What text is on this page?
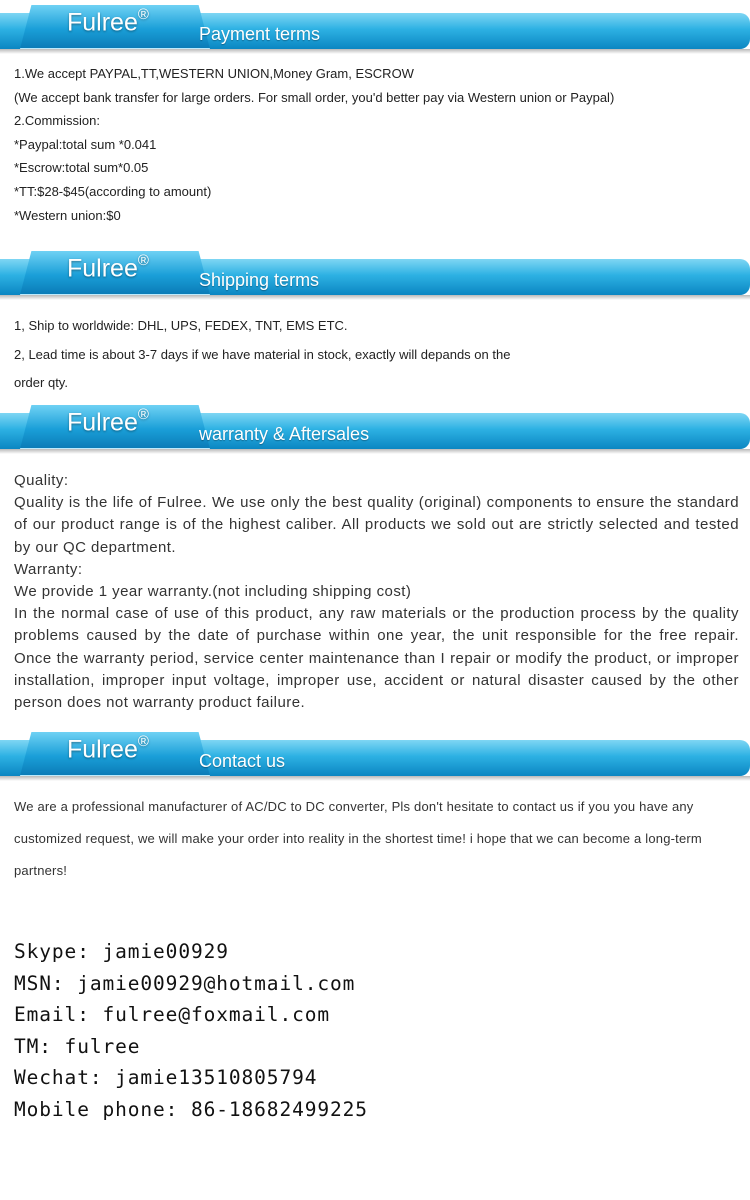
Fulree®
Payment terms
1.We accept PAYPAL,TT,WESTERN UNION,Money Gram, ESCROW
(We accept bank transfer for large orders. For small order, you'd better pay via Western union or Paypal)
2.Commission:
*Paypal:total sum *0.041
*Escrow:total sum*0.05
*TT:$28-$45(according to amount)
*Western union:$0
Fulree®
Shipping terms
1, Ship to worldwide: DHL, UPS, FEDEX, TNT, EMS ETC.
2, Lead time is about 3-7 days if we have material in stock, exactly will depands on the
order qty.
Fulree®
warranty & Aftersales
Quality:
Quality is the life of Fulree. We use only the best quality (original) components to ensure the standard of our product range is of the highest caliber. All products we sold out are strictly selected and tested by our QC department.
Warranty:
We provide 1 year warranty.(not including shipping cost)
In the normal case of use of this product, any raw materials or the production process by the quality problems caused by the date of purchase within one year, the unit responsible for the free repair. Once the warranty period, service center maintenance than I repair or modify the product, or improper installation, improper input voltage, improper use, accident or natural disaster caused by the other person does not warranty product failure.
Fulree®
Contact us
We are a professional manufacturer of AC/DC to DC converter, Pls don't hesitate to contact us if you you have any customized request, we will make your order into reality in the shortest time! i hope that we can become a long-term partners!
Skype: jamie00929
MSN: jamie00929@hotmail.com
Email: fulree@foxmail.com
TM: fulree
Wechat: jamie13510805794
Mobile phone: 86-18682499225
